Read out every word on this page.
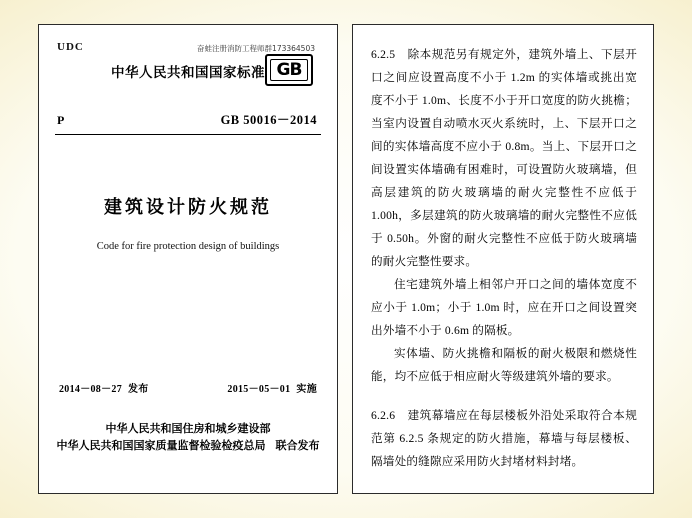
UDC	奋蛙注册消防工程师群173364503
中华人民共和国国家标准 GB
P	GB 50016－2014
建筑设计防火规范
Code for fire protection design of buildings
2014－08－27 发布	2015－05－01 实施
中华人民共和国住房和城乡建设部
中华人民共和国国家质量监督检验检疫总局 联合发布

6.2.5　除本规范另有规定外，建筑外墙上、下层开口之间应设置高度不小于 1.2m 的实体墙或挑出宽度不小于 1.0m、长度不小于开口宽度的防火挑檐；当室内设置自动喷水灭火系统时，上、下层开口之间的实体墙高度不应小于 0.8m。当上、下层开口之间设置实体墙确有困难时，可设置防火玻璃墙，但高层建筑的防火玻璃墙的耐火完整性不应低于 1.00h，多层建筑的防火玻璃墙的耐火完整性不应低于 0.50h。外窗的耐火完整性不应低于防火玻璃墙的耐火完整性要求。

住宅建筑外墙上相邻户开口之间的墙体宽度不应小于 1.0m；小于 1.0m 时，应在开口之间设置突出外墙不小于 0.6m 的隔板。

实体墙、防火挑檐和隔板的耐火极限和燃烧性能，均不应低于相应耐火等级建筑外墙的要求。

6.2.6　建筑幕墙应在每层楼板外沿处采取符合本规范第 6.2.5 条规定的防火措施，幕墙与每层楼板、隔墙处的缝隙应采用防火封堵材料封堵。
